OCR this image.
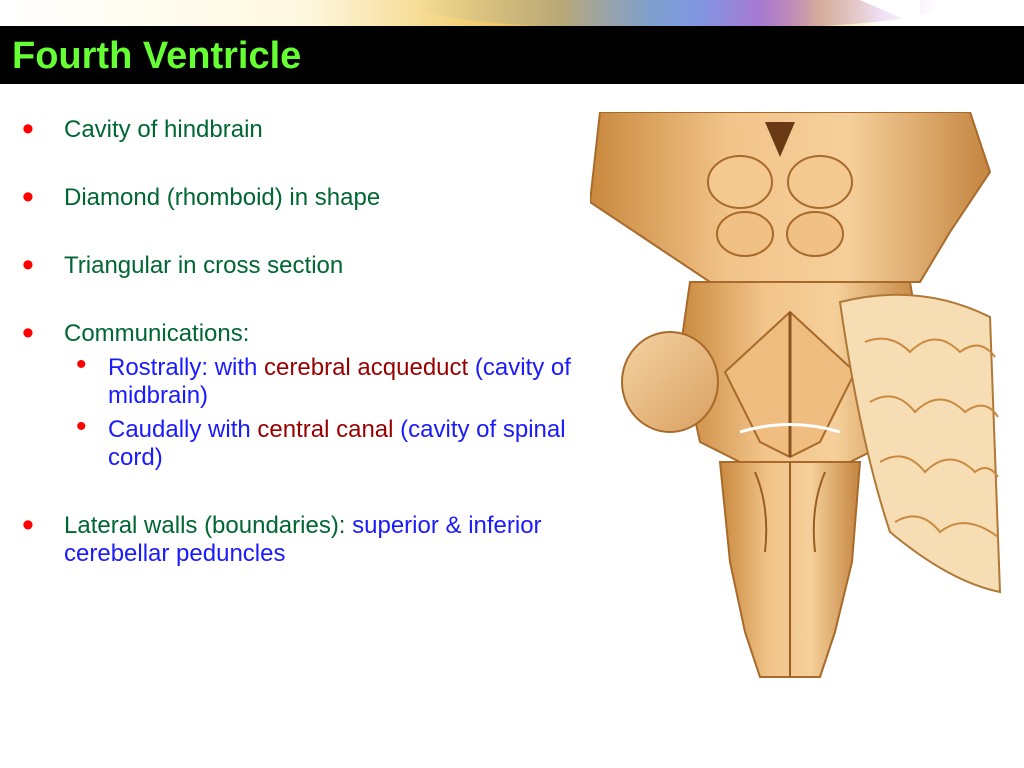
Fourth Ventricle
• Cavity of hindbrain
• Diamond (rhomboid) in shape
• Triangular in cross section
• Communications:
• Rostrally: with cerebral acqueduct (cavity of midbrain)
• Caudally with central canal (cavity of spinal cord)
• Lateral walls (boundaries): superior & inferior cerebellar peduncles
